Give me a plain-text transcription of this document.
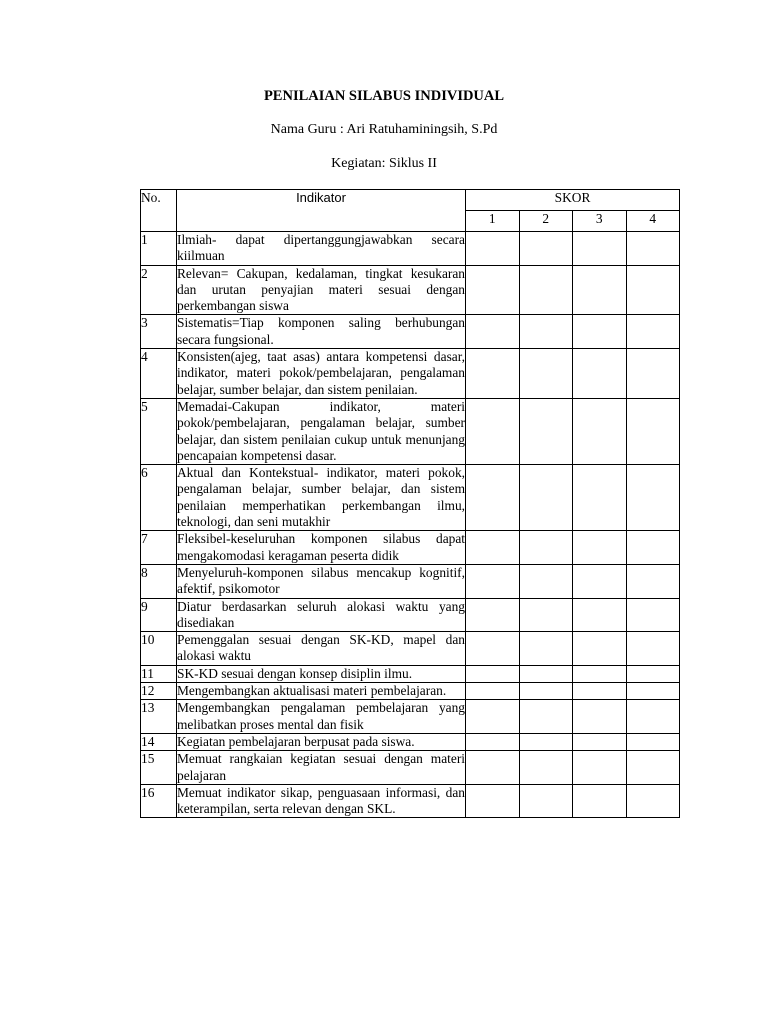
PENILAIAN SILABUS INDIVIDUAL
Nama Guru : Ari Ratuhaminingsih, S.Pd
Kegiatan: Siklus II
No.	Indikator	SKOR			
		1	2	3	4
1	Ilmiah- dapat dipertanggungjawabkan secara kiilmuan				
2	Relevan= Cakupan, kedalaman, tingkat kesukaran dan urutan penyajian materi sesuai dengan perkembangan siswa				
3	Sistematis=Tiap komponen saling berhubungan secara fungsional.				
4	Konsisten(ajeg, taat asas) antara kompetensi dasar, indikator, materi pokok/pembelajaran, pengalaman belajar, sumber belajar, dan sistem penilaian.				
5	Memadai-Cakupan indikator, materi pokok/pembelajaran, pengalaman belajar, sumber belajar, dan sistem penilaian cukup untuk menunjang pencapaian kompetensi dasar.				
6	Aktual dan Kontekstual- indikator, materi pokok, pengalaman belajar, sumber belajar, dan sistem penilaian memperhatikan perkembangan ilmu, teknologi, dan seni mutakhir				
7	Fleksibel-keseluruhan komponen silabus dapat mengakomodasi keragaman peserta didik				
8	Menyeluruh-komponen silabus mencakup kognitif, afektif, psikomotor				
9	Diatur berdasarkan seluruh alokasi waktu yang disediakan				
10	Pemenggalan sesuai dengan SK-KD, mapel dan alokasi waktu				
11	SK-KD sesuai dengan konsep disiplin ilmu.				
12	Mengembangkan aktualisasi materi pembelajaran.				
13	Mengembangkan pengalaman pembelajaran yang melibatkan proses mental dan fisik				
14	Kegiatan pembelajaran berpusat pada siswa.				
15	Memuat rangkaian kegiatan sesuai dengan materi pelajaran				
16	Memuat indikator sikap, penguasaan informasi, dan keterampilan, serta relevan dengan SKL.				
